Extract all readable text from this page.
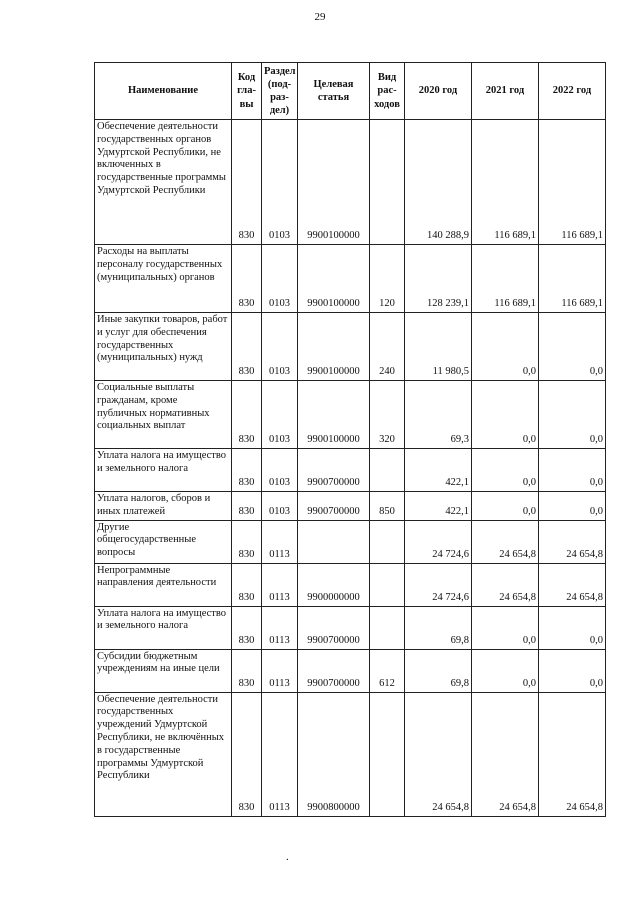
29
Наименование	Код гла- вы	Раздел (под- раз- дел)	Целевая статья	Вид рас- ходов	2020 год	2021 год	2022 год
Обеспечение деятельности государственных органов Удмуртской Республики, не включенных в государственные программы Удмуртской Республики	830	0103	9900100000		140 288,9	116 689,1	116 689,1
Расходы на выплаты персоналу государственных (муниципальных) органов	830	0103	9900100000	120	128 239,1	116 689,1	116 689,1
Иные закупки товаров, работ и услуг для обеспечения государственных (муниципальных) нужд	830	0103	9900100000	240	11 980,5	0,0	0,0
Социальные выплаты гражданам, кроме публичных нормативных социальных выплат	830	0103	9900100000	320	69,3	0,0	0,0
Уплата налога на имущество и земельного налога	830	0103	9900700000		422,1	0,0	0,0
Уплата налогов, сборов и иных платежей	830	0103	9900700000	850	422,1	0,0	0,0
Другие общегосударственные вопросы	830	0113			24 724,6	24 654,8	24 654,8
Непрограммные направления деятельности	830	0113	9900000000		24 724,6	24 654,8	24 654,8
Уплата налога на имущество и земельного налога	830	0113	9900700000		69,8	0,0	0,0
Субсидии бюджетным учреждениям на иные цели	830	0113	9900700000	612	69,8	0,0	0,0
Обеспечение деятельности государственных учреждений Удмуртской Республики, не включённых в государственные программы Удмуртской Республики	830	0113	9900800000		24 654,8	24 654,8	24 654,8
.
